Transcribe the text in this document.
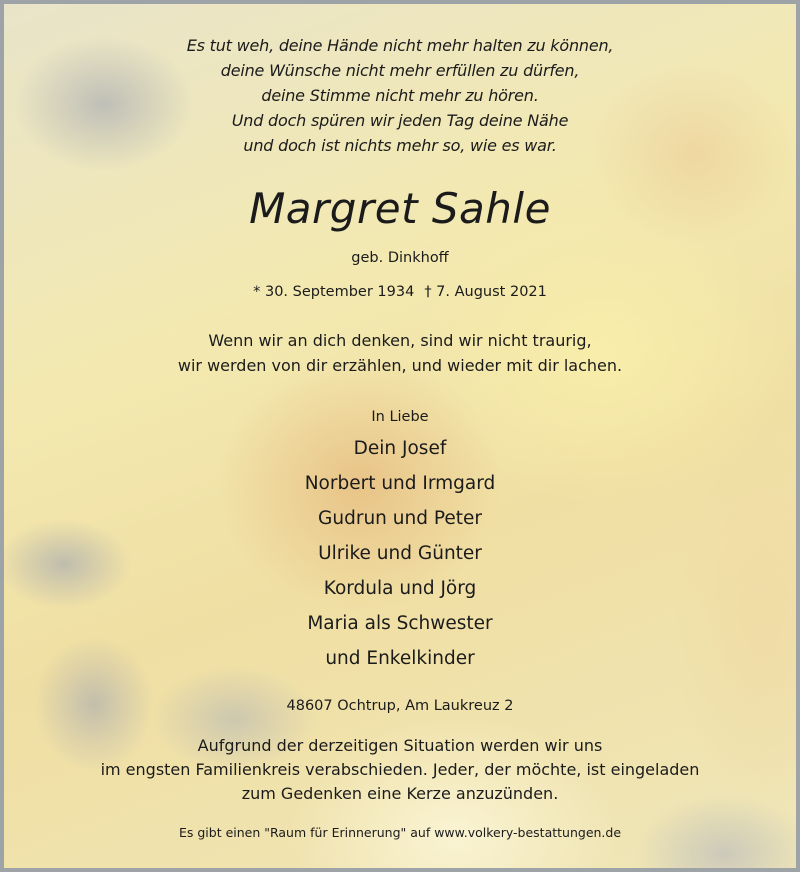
Es tut weh, deine Hände nicht mehr halten zu können,
deine Wünsche nicht mehr erfüllen zu dürfen,
deine Stimme nicht mehr zu hören.
Und doch spüren wir jeden Tag deine Nähe
und doch ist nichts mehr so, wie es war.
Margret Sahle
geb. Dinkhoff
* 30. September 1934 † 7. August 2021
Wenn wir an dich denken, sind wir nicht traurig,
wir werden von dir erzählen, und wieder mit dir lachen.
In Liebe
Dein Josef
Norbert und Irmgard
Gudrun und Peter
Ulrike und Günter
Kordula und Jörg
Maria als Schwester
und Enkelkinder
48607 Ochtrup, Am Laukreuz 2
Aufgrund der derzeitigen Situation werden wir uns
im engsten Familienkreis verabschieden. Jeder, der möchte, ist eingeladen
zum Gedenken eine Kerze anzuzünden.
Es gibt einen "Raum für Erinnerung" auf www.volkery-bestattungen.de
